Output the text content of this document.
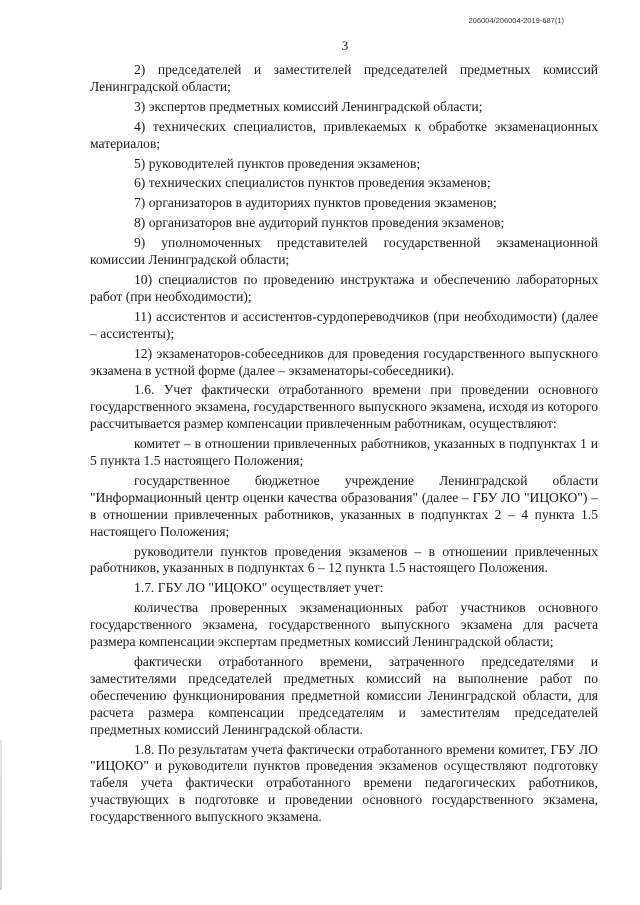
206004/206004-2019-687(1)
3

2) председателей и заместителей председателей предметных комиссий Ленинградской области;

3) экспертов предметных комиссий Ленинградской области;

4) технических специалистов, привлекаемых к обработке экзаменационных материалов;

5) руководителей пунктов проведения экзаменов;

6) технических специалистов пунктов проведения экзаменов;

7) организаторов в аудиториях пунктов проведения экзаменов;

8) организаторов вне аудиторий пунктов проведения экзаменов;

9) уполномоченных представителей государственной экзаменационной комиссии Ленинградской области;

10) специалистов по проведению инструктажа и обеспечению лабораторных работ (при необходимости);

11) ассистентов и ассистентов-сурдопереводчиков (при необходимости) (далее – ассистенты);

12) экзаменаторов-собеседников для проведения государственного выпускного экзамена в устной форме (далее – экзаменаторы-собеседники).

1.6. Учет фактически отработанного времени при проведении основного государственного экзамена, государственного выпускного экзамена, исходя из которого рассчитывается размер компенсации привлеченным работникам, осуществляют:

комитет – в отношении привлеченных работников, указанных в подпунктах 1 и 5 пункта 1.5 настоящего Положения;

государственное бюджетное учреждение Ленинградской области "Информационный центр оценки качества образования" (далее – ГБУ ЛО "ИЦОКО") – в отношении привлеченных работников, указанных в подпунктах 2 – 4 пункта 1.5 настоящего Положения;

руководители пунктов проведения экзаменов – в отношении привлеченных работников, указанных в подпунктах 6 – 12 пункта 1.5 настоящего Положения.

1.7. ГБУ ЛО "ИЦОКО" осуществляет учет:

количества проверенных экзаменационных работ участников основного государственного экзамена, государственного выпускного экзамена для расчета размера компенсации экспертам предметных комиссий Ленинградской области;

фактически отработанного времени, затраченного председателями и заместителями председателей предметных комиссий на выполнение работ по обеспечению функционирования предметной комиссии Ленинградской области, для расчета размера компенсации председателям и заместителям председателей предметных комиссий Ленинградской области.

1.8. По результатам учета фактически отработанного времени комитет, ГБУ ЛО "ИЦОКО" и руководители пунктов проведения экзаменов осуществляют подготовку табеля учета фактически отработанного времени педагогических работников, участвующих в подготовке и проведении основного государственного экзамена, государственного выпускного экзамена.
